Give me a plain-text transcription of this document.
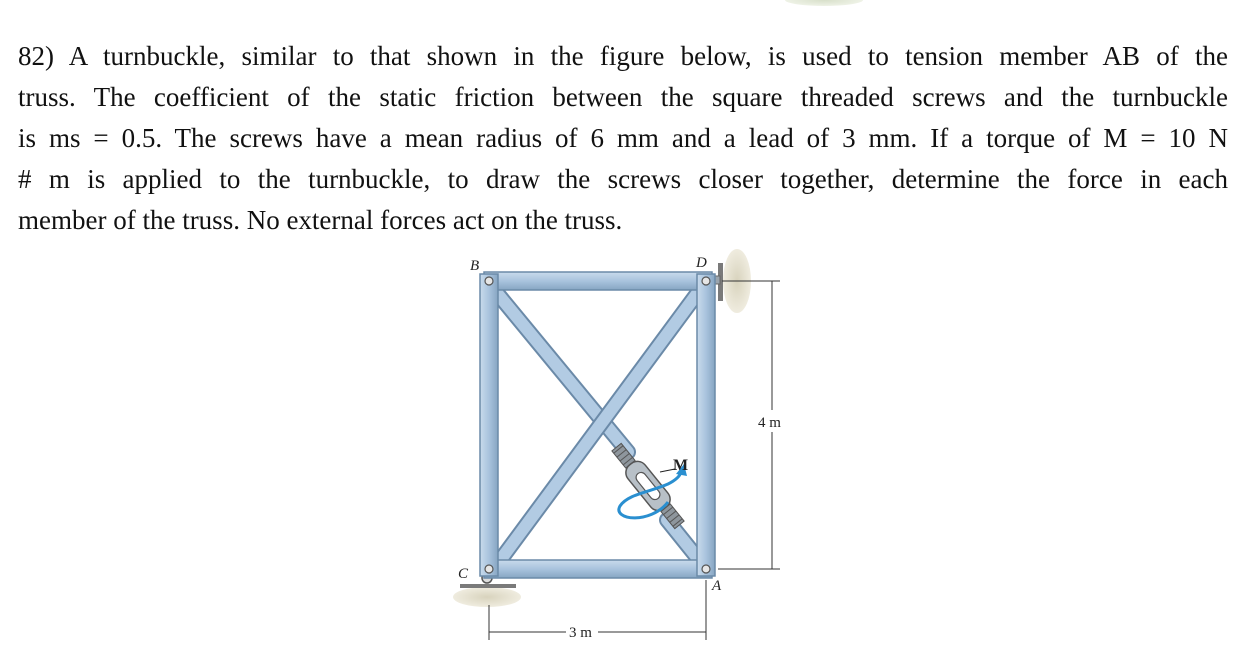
82) A turnbuckle, similar to that shown in the figure below, is used to tension member AB of the
truss. The coefficient of the static friction between the square threaded screws and the turnbuckle
is ms = 0.5. The screws have a mean radius of 6 mm and a lead of 3 mm. If a torque of M = 10 N
# m is applied to the turnbuckle, to draw the screws closer together, determine the force in each
member of the truss. No external forces act on the truss.
M
B	D
C
A
4 m
3 m
